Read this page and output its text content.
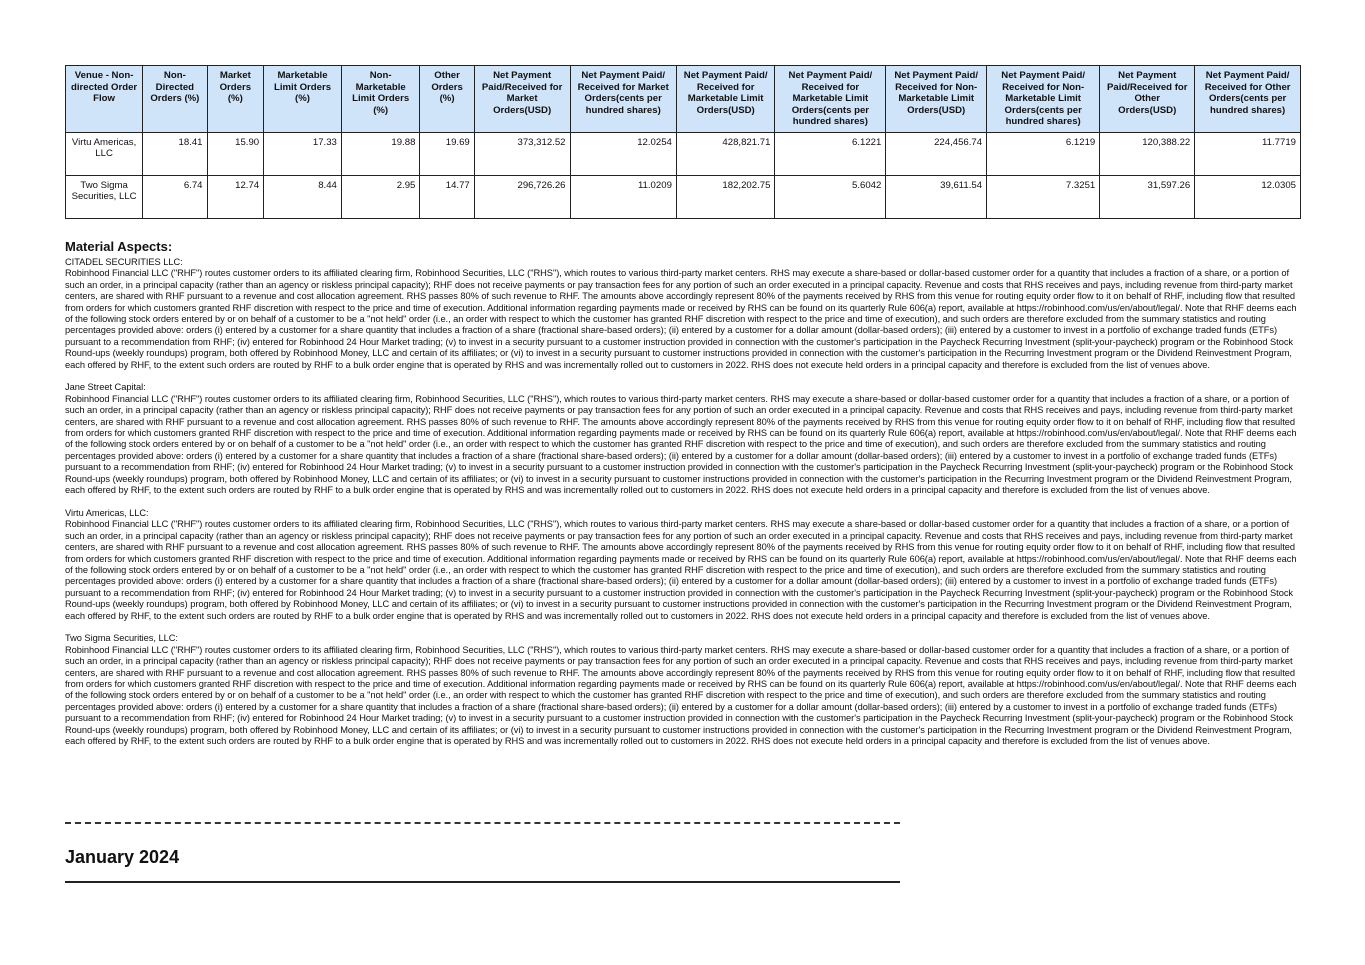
Venue - Non-directed Order Flow	Non-Directed Orders (%)	Market Orders (%)	Marketable Limit Orders (%)	Non-Marketable Limit Orders (%)	Other Orders (%)	Net Payment Paid/Received for Market Orders(USD)	Net Payment Paid/ Received for Market Orders(cents per hundred shares)	Net Payment Paid/ Received for Marketable Limit Orders(USD)	Net Payment Paid/ Received for Marketable Limit Orders(cents per hundred shares)	Net Payment Paid/ Received for Non-Marketable Limit Orders(USD)	Net Payment Paid/ Received for Non-Marketable Limit Orders(cents per hundred shares)	Net Payment Paid/Received for Other Orders(USD)	Net Payment Paid/ Received for Other Orders(cents per hundred shares)
Virtu Americas, LLC	18.41	15.90	17.33	19.88	19.69	373,312.52	12.0254	428,821.71	6.1221	224,456.74	6.1219	120,388.22	11.7719
Two Sigma Securities, LLC	6.74	12.74	8.44	2.95	14.77	296,726.26	11.0209	182,202.75	5.6042	39,611.54	7.3251	31,597.26	12.0305
Material Aspects:

CITADEL SECURITIES LLC:

Robinhood Financial LLC ("RHF") routes customer orders to its affiliated clearing firm, Robinhood Securities, LLC ("RHS"), which routes to various third-party market centers. RHS may execute a share-based or dollar-based customer order for a quantity that includes a fraction of a share, or a portion of such an order, in a principal capacity (rather than an agency or riskless principal capacity); RHF does not receive payments or pay transaction fees for any portion of such an order executed in a principal capacity. Revenue and costs that RHS receives and pays, including revenue from third-party market centers, are shared with RHF pursuant to a revenue and cost allocation agreement. RHS passes 80% of such revenue to RHF. The amounts above accordingly represent 80% of the payments received by RHS from this venue for routing equity order flow to it on behalf of RHF, including flow that resulted from orders for which customers granted RHF discretion with respect to the price and time of execution. Additional information regarding payments made or received by RHS can be found on its quarterly Rule 606(a) report, available at https://robinhood.com/us/en/about/legal/. Note that RHF deems each of the following stock orders entered by or on behalf of a customer to be a "not held" order (i.e., an order with respect to which the customer has granted RHF discretion with respect to the price and time of execution), and such orders are therefore excluded from the summary statistics and routing percentages provided above: orders (i) entered by a customer for a share quantity that includes a fraction of a share (fractional share-based orders); (ii) entered by a customer for a dollar amount (dollar-based orders); (iii) entered by a customer to invest in a portfolio of exchange traded funds (ETFs) pursuant to a recommendation from RHF; (iv) entered for Robinhood 24 Hour Market trading; (v) to invest in a security pursuant to a customer instruction provided in connection with the customer's participation in the Paycheck Recurring Investment (split-your-paycheck) program or the Robinhood Stock Round-ups (weekly roundups) program, both offered by Robinhood Money, LLC and certain of its affiliates; or (vi) to invest in a security pursuant to customer instructions provided in connection with the customer's participation in the Recurring Investment program or the Dividend Reinvestment Program, each offered by RHF, to the extent such orders are routed by RHF to a bulk order engine that is operated by RHS and was incrementally rolled out to customers in 2022. RHS does not execute held orders in a principal capacity and therefore is excluded from the list of venues above.

Jane Street Capital:

Robinhood Financial LLC ("RHF") routes customer orders to its affiliated clearing firm, Robinhood Securities, LLC ("RHS"), which routes to various third-party market centers. RHS may execute a share-based or dollar-based customer order for a quantity that includes a fraction of a share, or a portion of such an order, in a principal capacity (rather than an agency or riskless principal capacity); RHF does not receive payments or pay transaction fees for any portion of such an order executed in a principal capacity. Revenue and costs that RHS receives and pays, including revenue from third-party market centers, are shared with RHF pursuant to a revenue and cost allocation agreement. RHS passes 80% of such revenue to RHF. The amounts above accordingly represent 80% of the payments received by RHS from this venue for routing equity order flow to it on behalf of RHF, including flow that resulted from orders for which customers granted RHF discretion with respect to the price and time of execution. Additional information regarding payments made or received by RHS can be found on its quarterly Rule 606(a) report, available at https://robinhood.com/us/en/about/legal/. Note that RHF deems each of the following stock orders entered by or on behalf of a customer to be a "not held" order (i.e., an order with respect to which the customer has granted RHF discretion with respect to the price and time of execution), and such orders are therefore excluded from the summary statistics and routing percentages provided above: orders (i) entered by a customer for a share quantity that includes a fraction of a share (fractional share-based orders); (ii) entered by a customer for a dollar amount (dollar-based orders); (iii) entered by a customer to invest in a portfolio of exchange traded funds (ETFs) pursuant to a recommendation from RHF; (iv) entered for Robinhood 24 Hour Market trading; (v) to invest in a security pursuant to a customer instruction provided in connection with the customer's participation in the Paycheck Recurring Investment (split-your-paycheck) program or the Robinhood Stock Round-ups (weekly roundups) program, both offered by Robinhood Money, LLC and certain of its affiliates; or (vi) to invest in a security pursuant to customer instructions provided in connection with the customer's participation in the Recurring Investment program or the Dividend Reinvestment Program, each offered by RHF, to the extent such orders are routed by RHF to a bulk order engine that is operated by RHS and was incrementally rolled out to customers in 2022. RHS does not execute held orders in a principal capacity and therefore is excluded from the list of venues above.

Virtu Americas, LLC:

Robinhood Financial LLC ("RHF") routes customer orders to its affiliated clearing firm, Robinhood Securities, LLC ("RHS"), which routes to various third-party market centers. RHS may execute a share-based or dollar-based customer order for a quantity that includes a fraction of a share, or a portion of such an order, in a principal capacity (rather than an agency or riskless principal capacity); RHF does not receive payments or pay transaction fees for any portion of such an order executed in a principal capacity. Revenue and costs that RHS receives and pays, including revenue from third-party market centers, are shared with RHF pursuant to a revenue and cost allocation agreement. RHS passes 80% of such revenue to RHF. The amounts above accordingly represent 80% of the payments received by RHS from this venue for routing equity order flow to it on behalf of RHF, including flow that resulted from orders for which customers granted RHF discretion with respect to the price and time of execution. Additional information regarding payments made or received by RHS can be found on its quarterly Rule 606(a) report, available at https://robinhood.com/us/en/about/legal/. Note that RHF deems each of the following stock orders entered by or on behalf of a customer to be a "not held" order (i.e., an order with respect to which the customer has granted RHF discretion with respect to the price and time of execution), and such orders are therefore excluded from the summary statistics and routing percentages provided above: orders (i) entered by a customer for a share quantity that includes a fraction of a share (fractional share-based orders); (ii) entered by a customer for a dollar amount (dollar-based orders); (iii) entered by a customer to invest in a portfolio of exchange traded funds (ETFs) pursuant to a recommendation from RHF; (iv) entered for Robinhood 24 Hour Market trading; (v) to invest in a security pursuant to a customer instruction provided in connection with the customer's participation in the Paycheck Recurring Investment (split-your-paycheck) program or the Robinhood Stock Round-ups (weekly roundups) program, both offered by Robinhood Money, LLC and certain of its affiliates; or (vi) to invest in a security pursuant to customer instructions provided in connection with the customer's participation in the Recurring Investment program or the Dividend Reinvestment Program, each offered by RHF, to the extent such orders are routed by RHF to a bulk order engine that is operated by RHS and was incrementally rolled out to customers in 2022. RHS does not execute held orders in a principal capacity and therefore is excluded from the list of venues above.

Two Sigma Securities, LLC:

Robinhood Financial LLC ("RHF") routes customer orders to its affiliated clearing firm, Robinhood Securities, LLC ("RHS"), which routes to various third-party market centers. RHS may execute a share-based or dollar-based customer order for a quantity that includes a fraction of a share, or a portion of such an order, in a principal capacity (rather than an agency or riskless principal capacity); RHF does not receive payments or pay transaction fees for any portion of such an order executed in a principal capacity. Revenue and costs that RHS receives and pays, including revenue from third-party market centers, are shared with RHF pursuant to a revenue and cost allocation agreement. RHS passes 80% of such revenue to RHF. The amounts above accordingly represent 80% of the payments received by RHS from this venue for routing equity order flow to it on behalf of RHF, including flow that resulted from orders for which customers granted RHF discretion with respect to the price and time of execution. Additional information regarding payments made or received by RHS can be found on its quarterly Rule 606(a) report, available at https://robinhood.com/us/en/about/legal/. Note that RHF deems each of the following stock orders entered by or on behalf of a customer to be a "not held" order (i.e., an order with respect to which the customer has granted RHF discretion with respect to the price and time of execution), and such orders are therefore excluded from the summary statistics and routing percentages provided above: orders (i) entered by a customer for a share quantity that includes a fraction of a share (fractional share-based orders); (ii) entered by a customer for a dollar amount (dollar-based orders); (iii) entered by a customer to invest in a portfolio of exchange traded funds (ETFs) pursuant to a recommendation from RHF; (iv) entered for Robinhood 24 Hour Market trading; (v) to invest in a security pursuant to a customer instruction provided in connection with the customer's participation in the Paycheck Recurring Investment (split-your-paycheck) program or the Robinhood Stock Round-ups (weekly roundups) program, both offered by Robinhood Money, LLC and certain of its affiliates; or (vi) to invest in a security pursuant to customer instructions provided in connection with the customer's participation in the Recurring Investment program or the Dividend Reinvestment Program, each offered by RHF, to the extent such orders are routed by RHF to a bulk order engine that is operated by RHS and was incrementally rolled out to customers in 2022. RHS does not execute held orders in a principal capacity and therefore is excluded from the list of venues above.

January 2024
